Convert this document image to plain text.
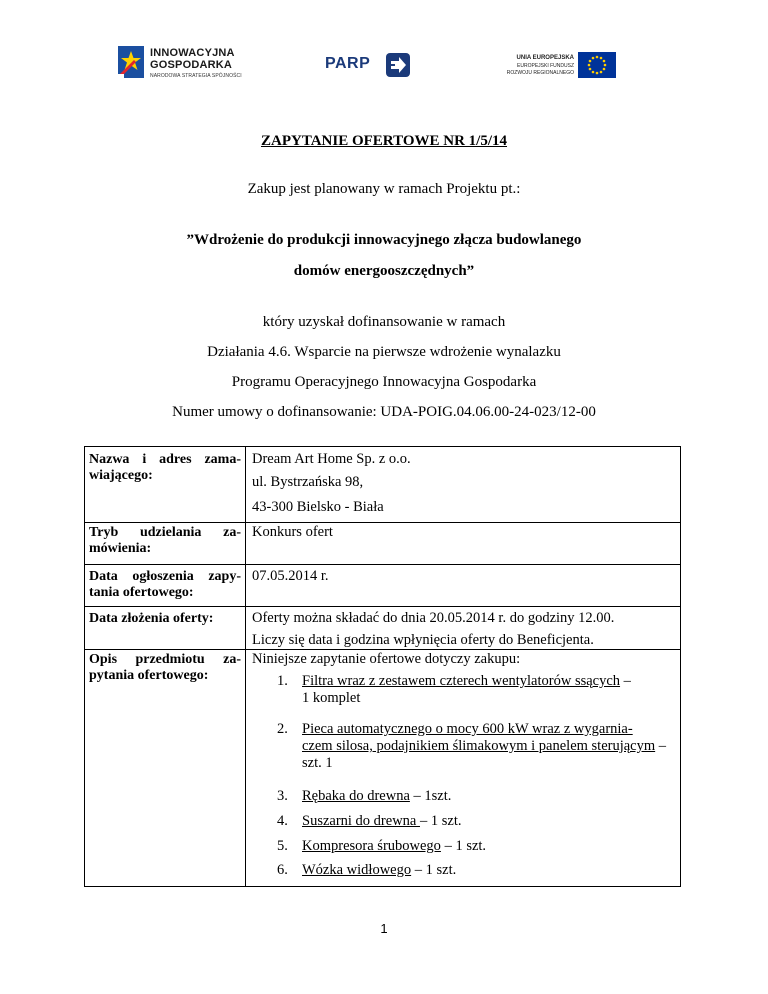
INNOWACYJNA
GOSPODARKA
NARODOWA STRATEGIA SPÓJNOŚCI
PARP	UNIA EUROPEJSKA
EUROPEJSKI FUNDUSZ
ROZWOJU REGIONALNEGO
ZAPYTANIE OFERTOWE NR 1/5/14
Zakup jest planowany w ramach Projektu pt.:
”Wdrożenie do produkcji innowacyjnego złącza budowlanego
domów energooszczędnych”
który uzyskał dofinansowanie w ramach
Działania 4.6. Wsparcie na pierwsze wdrożenie wynalazku
Programu Operacyjnego Innowacyjna Gospodarka
Numer umowy o dofinansowanie: UDA-POIG.04.06.00-24-023/12-00
Nazwa i adres zama-
wiającego:
Dream Art Home Sp. z o.o.
ul. Bystrzańska 98,
43-300 Bielsko - Biała
Tryb udzielania za-
mówienia:
Konkurs ofert
Data ogłoszenia zapy-
tania ofertowego:
07.05.2014 r.
Data złożenia oferty:	Oferty można składać do dnia 20.05.2014 r. do godziny 12.00.
Liczy się data i godzina wpłynięcia oferty do Beneficjenta.
Opis przedmiotu za-
pytania ofertowego:
Niniejsze zapytanie ofertowe dotyczy zakupu:
1. Filtra wraz z zestawem czterech wentylatorów ssących –
1 komplet
2. Pieca automatycznego o mocy 600 kW wraz z wygarnia-
czem silosa, podajnikiem ślimakowym i panelem sterującym –
szt. 1
3. Rębaka do drewna – 1szt.
4. Suszarni do drewna – 1 szt.
5. Kompresora śrubowego – 1 szt.
6. Wózka widłowego – 1 szt.
1
